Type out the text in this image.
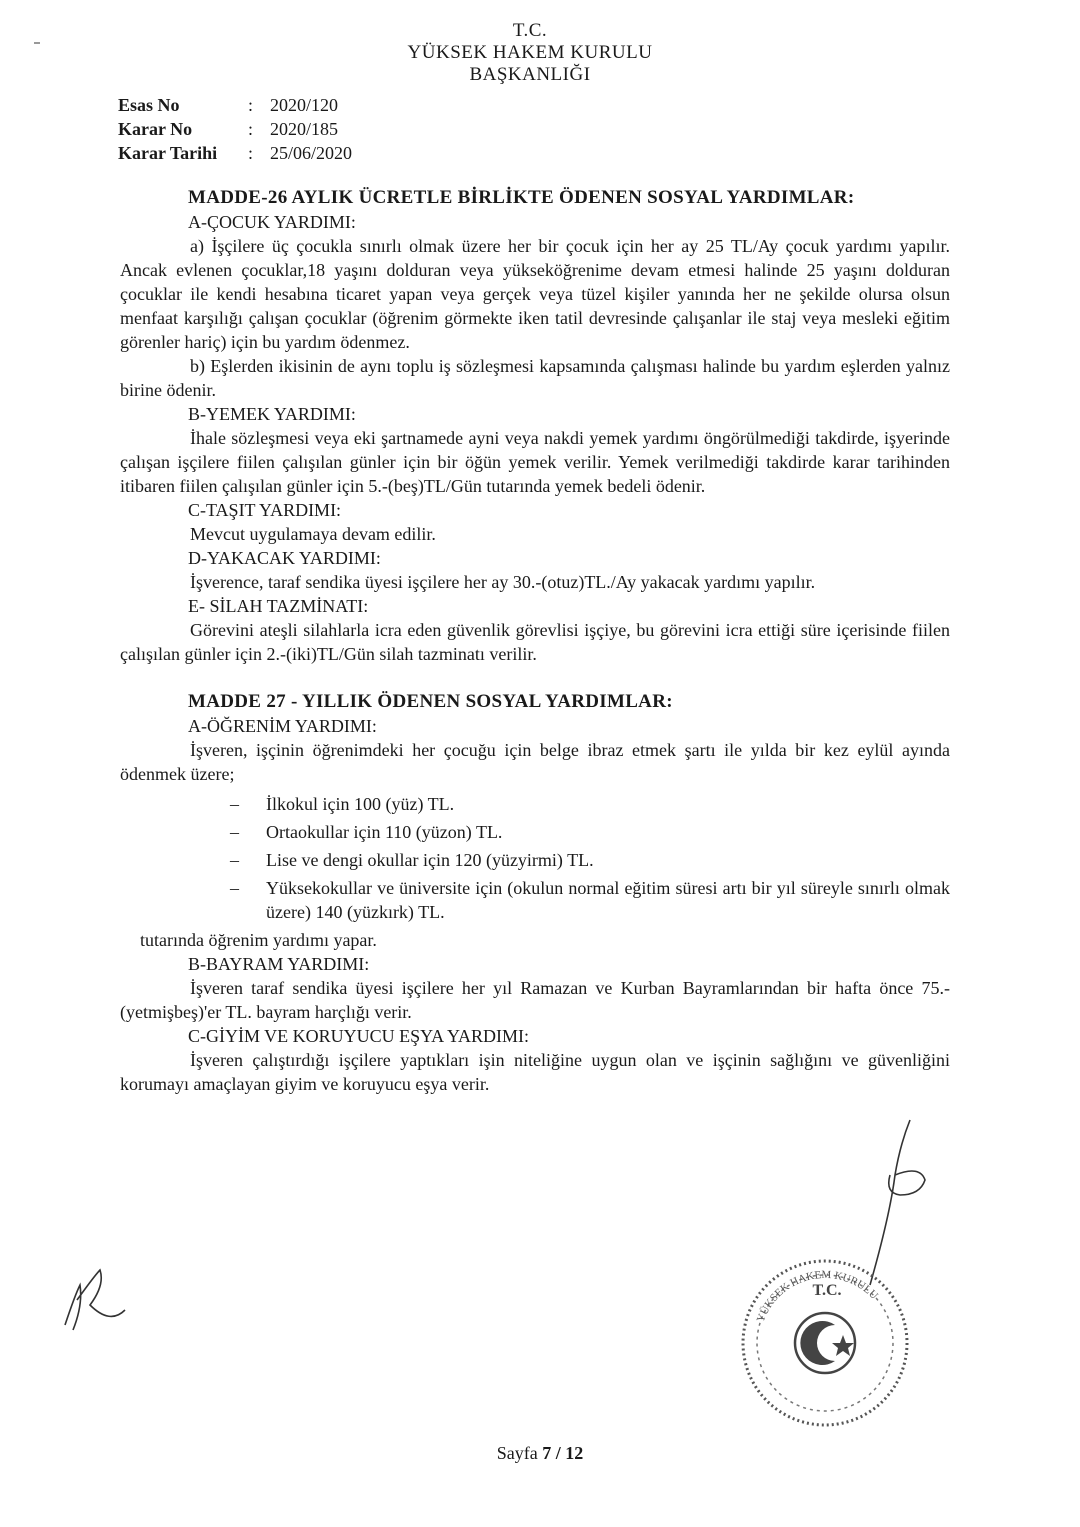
T.C.
YÜKSEK HAKEM KURULU
BAŞKANLIĞI
Esas No	: 2020/120
Karar No	: 2020/185
Karar Tarihi	: 25/06/2020
MADDE-26 AYLIK ÜCRETLE BİRLİKTE ÖDENEN SOSYAL YARDIMLAR:
A-ÇOCUK YARDIMI:

a) İşçilere üç çocukla sınırlı olmak üzere her bir çocuk için her ay 25 TL/Ay çocuk yardımı yapılır. Ancak evlenen çocuklar,18 yaşını dolduran veya yükseköğrenime devam etmesi halinde 25 yaşını dolduran çocuklar ile kendi hesabına ticaret yapan veya gerçek veya tüzel kişiler yanında her ne şekilde olursa olsun menfaat karşılığı çalışan çocuklar (öğrenim görmekte iken tatil devresinde çalışanlar ile staj veya mesleki eğitim görenler hariç) için bu yardım ödenmez.

b) Eşlerden ikisinin de aynı toplu iş sözleşmesi kapsamında çalışması halinde bu yardım eşlerden yalnız birine ödenir.

B-YEMEK YARDIMI:

İhale sözleşmesi veya eki şartnamede ayni veya nakdi yemek yardımı öngörülmediği takdirde, işyerinde çalışan işçilere fiilen çalışılan günler için bir öğün yemek verilir. Yemek verilmediği takdirde karar tarihinden itibaren fiilen çalışılan günler için 5.-(beş)TL/Gün tutarında yemek bedeli ödenir.

C-TAŞIT YARDIMI:

Mevcut uygulamaya devam edilir.

D-YAKACAK YARDIMI:

İşverence, taraf sendika üyesi işçilere her ay 30.-(otuz)TL./Ay yakacak yardımı yapılır.

E- SİLAH TAZMİNATI:

Görevini ateşli silahlarla icra eden güvenlik görevlisi işçiye, bu görevini icra ettiği süre içerisinde fiilen çalışılan günler için 2.-(iki)TL/Gün silah tazminatı verilir.

MADDE 27 - YILLIK ÖDENEN SOSYAL YARDIMLAR:
A-ÖĞRENİM YARDIMI:

İşveren, işçinin öğrenimdeki her çocuğu için belge ibraz etmek şartı ile yılda bir kez eylül ayında ödenmek üzere;

– İlkokul için 100 (yüz) TL.
– Ortaokullar için 110 (yüzon) TL.
– Lise ve dengi okullar için 120 (yüzyirmi) TL.
– Yüksekokullar ve üniversite için (okulun normal eğitim süresi artı bir yıl süreyle sınırlı olmak üzere) 140 (yüzkırk) TL.

tutarında öğrenim yardımı yapar.

B-BAYRAM YARDIMI:

İşveren taraf sendika üyesi işçilere her yıl Ramazan ve Kurban Bayramlarından bir hafta önce 75.-(yetmişbeş)'er TL. bayram harçlığı verir.

C-GİYİM VE KORUYUCU EŞYA YARDIMI:

İşveren çalıştırdığı işçilere yaptıkları işin niteliğine uygun olan ve işçinin sağlığını ve güvenliğini korumayı amaçlayan giyim ve koruyucu eşya verir.

T.C.
YÜKSEK HAKEM KURULU
Sayfa 7 / 12
